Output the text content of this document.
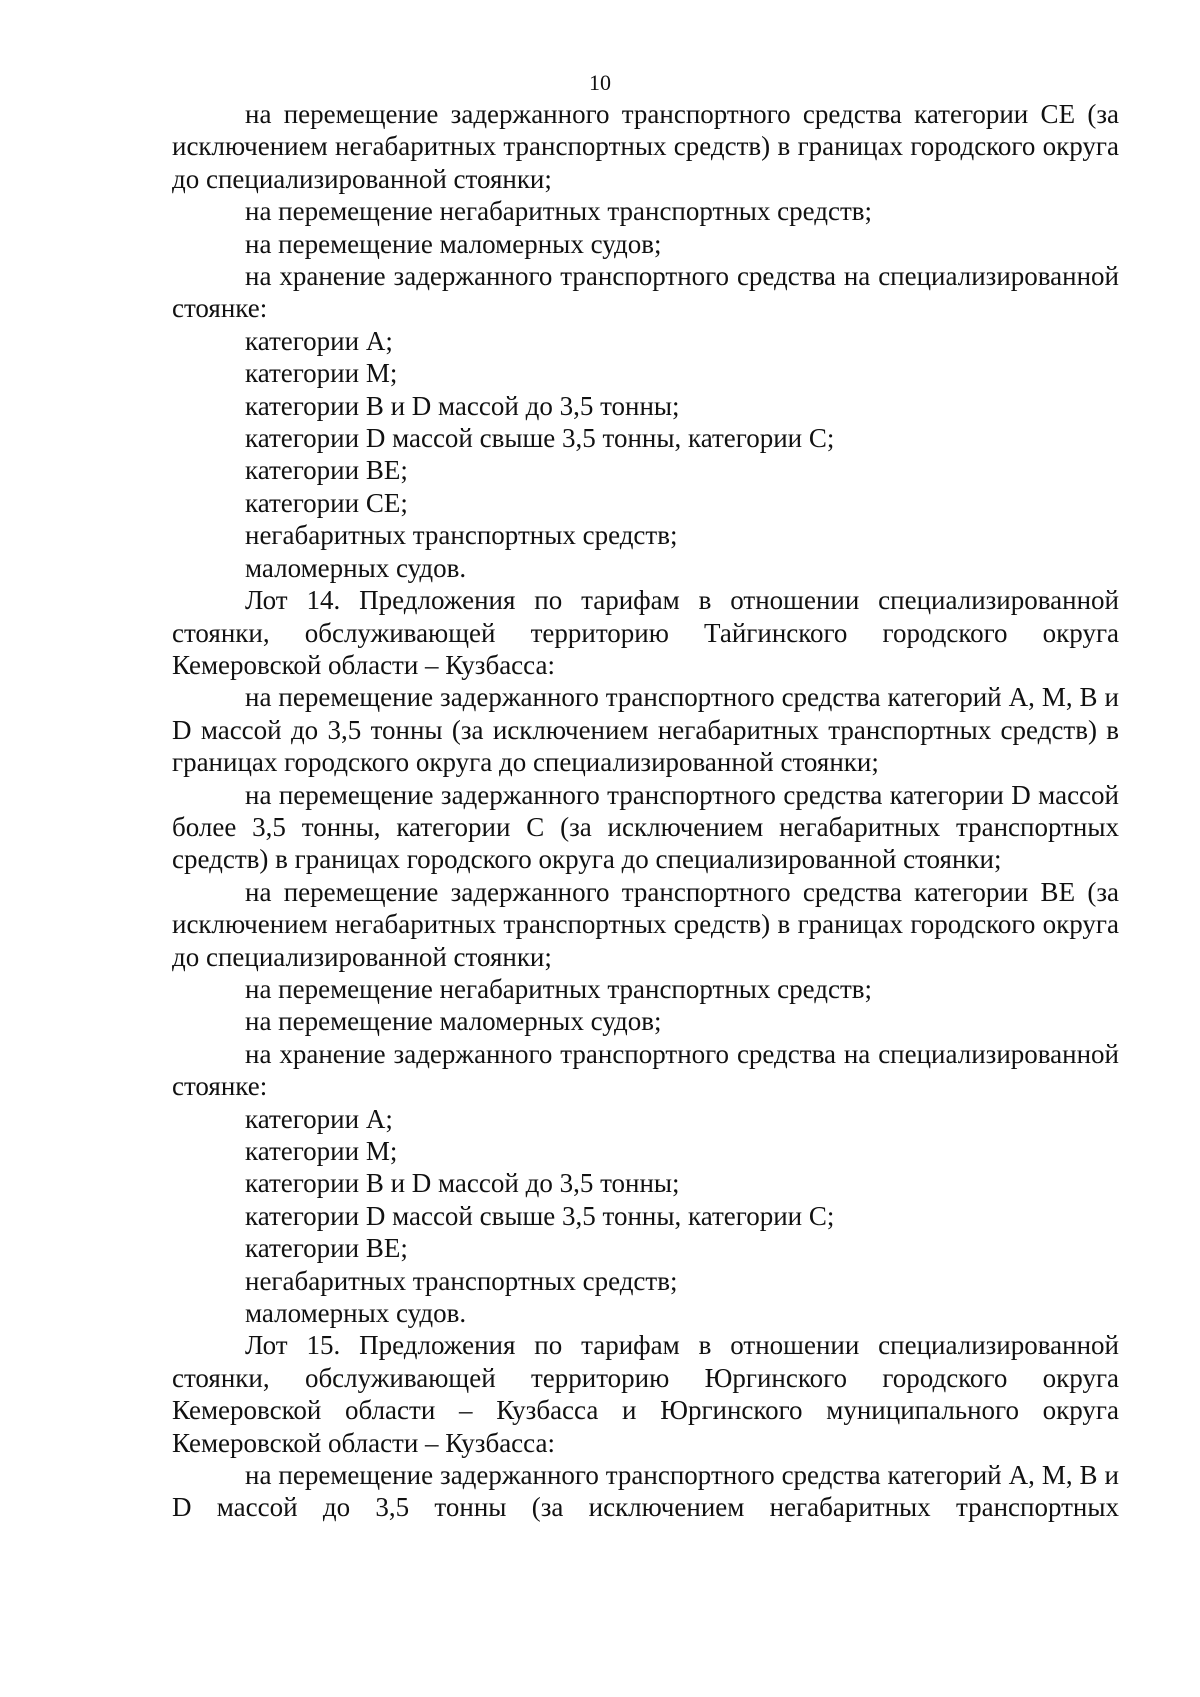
10

на перемещение задержанного транспортного средства категории СЕ (за исключением негабаритных транспортных средств) в границах городского округа до специализированной стоянки;

на перемещение негабаритных транспортных средств;

на перемещение маломерных судов;

на хранение задержанного транспортного средства на специализированной стоянке:

категории A;

категории M;

категории B и D массой до 3,5 тонны;

категории D массой свыше 3,5 тонны, категории C;

категории BE;

категории CE;

негабаритных транспортных средств;

маломерных судов.

Лот 14. Предложения по тарифам в отношении специализированной стоянки, обслуживающей территорию Тайгинского городского округа Кемеровской области – Кузбасса:

на перемещение задержанного транспортного средства категорий A, M, B и D массой до 3,5 тонны (за исключением негабаритных транспортных средств) в границах городского округа до специализированной стоянки;

на перемещение задержанного транспортного средства категории D массой более 3,5 тонны, категории C (за исключением негабаритных транспортных средств) в границах городского округа до специализированной стоянки;

на перемещение задержанного транспортного средства категории BE (за исключением негабаритных транспортных средств) в границах городского округа до специализированной стоянки;

на перемещение негабаритных транспортных средств;

на перемещение маломерных судов;

на хранение задержанного транспортного средства на специализированной стоянке:

категории A;

категории M;

категории B и D массой до 3,5 тонны;

категории D массой свыше 3,5 тонны, категории C;

категории BE;

негабаритных транспортных средств;

маломерных судов.

Лот 15. Предложения по тарифам в отношении специализированной стоянки, обслуживающей территорию Юргинского городского округа Кемеровской области – Кузбасса и Юргинского муниципального округа Кемеровской области – Кузбасса:

на перемещение задержанного транспортного средства категорий A, M, B и D массой до 3,5 тонны (за исключением негабаритных транспортных
